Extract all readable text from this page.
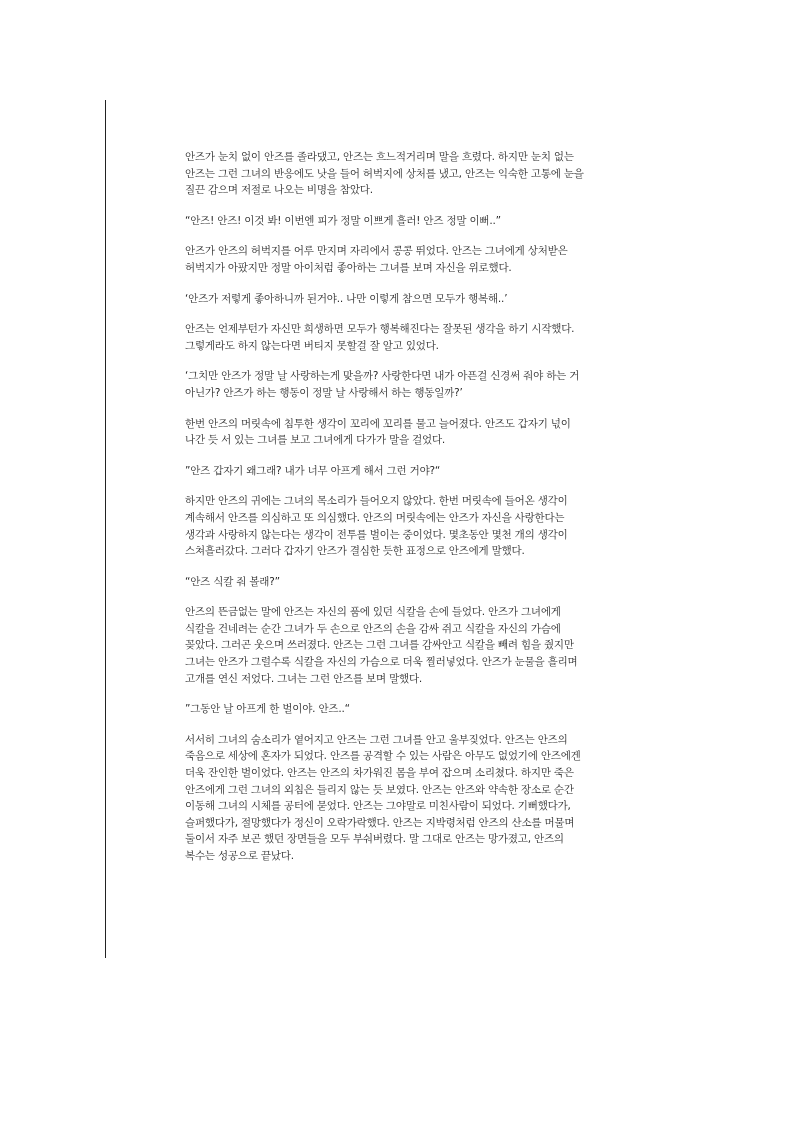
안즈가 눈치 없이 안즈를 졸라댔고, 안즈는 흐느적거리며 말을 흐렸다. 하지만 눈치 없는
안즈는 그런 그녀의 반응에도 낫을 들어 허벅지에 상처를 냈고, 안즈는 익숙한 고통에 눈을
질끈 감으며 저절로 나오는 비명을 참았다.

“안즈! 안즈! 이것 봐! 이번엔 피가 정말 이쁘게 흘러! 안즈 정말 이뻐..”

안즈가 안즈의 허벅지를 어루 만지며 자리에서 콩콩 뛰었다. 안즈는 그녀에게 상처받은
허벅지가 아팠지만 정말 아이처럼 좋아하는 그녀를 보며 자신을 위로했다.

‘안즈가 저렇게 좋아하니까 된거야.. 나만 이렇게 참으면 모두가 행복해..’

안즈는 언제부턴가 자신만 희생하면 모두가 행복해진다는 잘못된 생각을 하기 시작했다.
그렇게라도 하지 않는다면 버티지 못할걸 잘 알고 있었다.

‘그치만 안즈가 정말 날 사랑하는게 맞을까? 사랑한다면 내가 아픈걸 신경써 줘야 하는 거
아닌가? 안즈가 하는 행동이 정말 날 사랑해서 하는 행동일까?’

한번 안즈의 머릿속에 침투한 생각이 꼬리에 꼬리를 물고 늘어졌다. 안즈도 갑자기 넋이
나간 듯 서 있는 그녀를 보고 그녀에게 다가가 말을 걸었다.

”안즈 갑자기 왜그래? 내가 너무 아프게 해서 그런 거야?“

하지만 안즈의 귀에는 그녀의 목소리가 들어오지 않았다. 한번 머릿속에 들어온 생각이
계속해서 안즈를 의심하고 또 의심했다. 안즈의 머릿속에는 안즈가 자신을 사랑한다는
생각과 사랑하지 않는다는 생각이 전투를 벌이는 중이었다. 몇초동안 몇천 개의 생각이
스쳐흘러갔다. 그러다 갑자기 안즈가 결심한 듯한 표정으로 안즈에게 말했다.

“안즈 식칼 줘 볼래?”

안즈의 뜬금없는 말에 안즈는 자신의 품에 있던 식칼을 손에 들었다. 안즈가 그녀에게
식칼을 건네려는 순간 그녀가 두 손으로 안즈의 손을 감싸 쥐고 식칼을 자신의 가슴에
꽂았다. 그러곤 웃으며 쓰러졌다. 안즈는 그런 그녀를 감싸안고 식칼을 빼려 힘을 줬지만
그녀는 안즈가 그럴수록 식칼을 자신의 가슴으로 더욱 찔러넣었다. 안즈가 눈물을 흘리며
고개를 연신 저었다. 그녀는 그런 안즈를 보며 말했다.

”그동안 날 아프게 한 벌이야. 안즈..“

서서히 그녀의 숨소리가 옅어지고 안즈는 그런 그녀를 안고 울부짖었다. 안즈는 안즈의
죽음으로 세상에 혼자가 되었다. 안즈를 공격할 수 있는 사람은 아무도 없었기에 안즈에겐
더욱 잔인한 벌이었다. 안즈는 안즈의 차가워진 몸을 부여 잡으며 소리쳤다. 하지만 죽은
안즈에게 그런 그녀의 외침은 들리지 않는 듯 보였다. 안즈는 안즈와 약속한 장소로 순간
이동해 그녀의 시체를 공터에 묻었다. 안즈는 그야말로 미친사람이 되었다. 기뻐했다가,
슬퍼했다가, 절망했다가 정신이 오락가락했다. 안즈는 지박령처럼 안즈의 산소를 머물며
둘이서 자주 보곤 했던 장면들을 모두 부숴버렸다. 말 그대로 안즈는 망가졌고, 안즈의
복수는 성공으로 끝났다.
